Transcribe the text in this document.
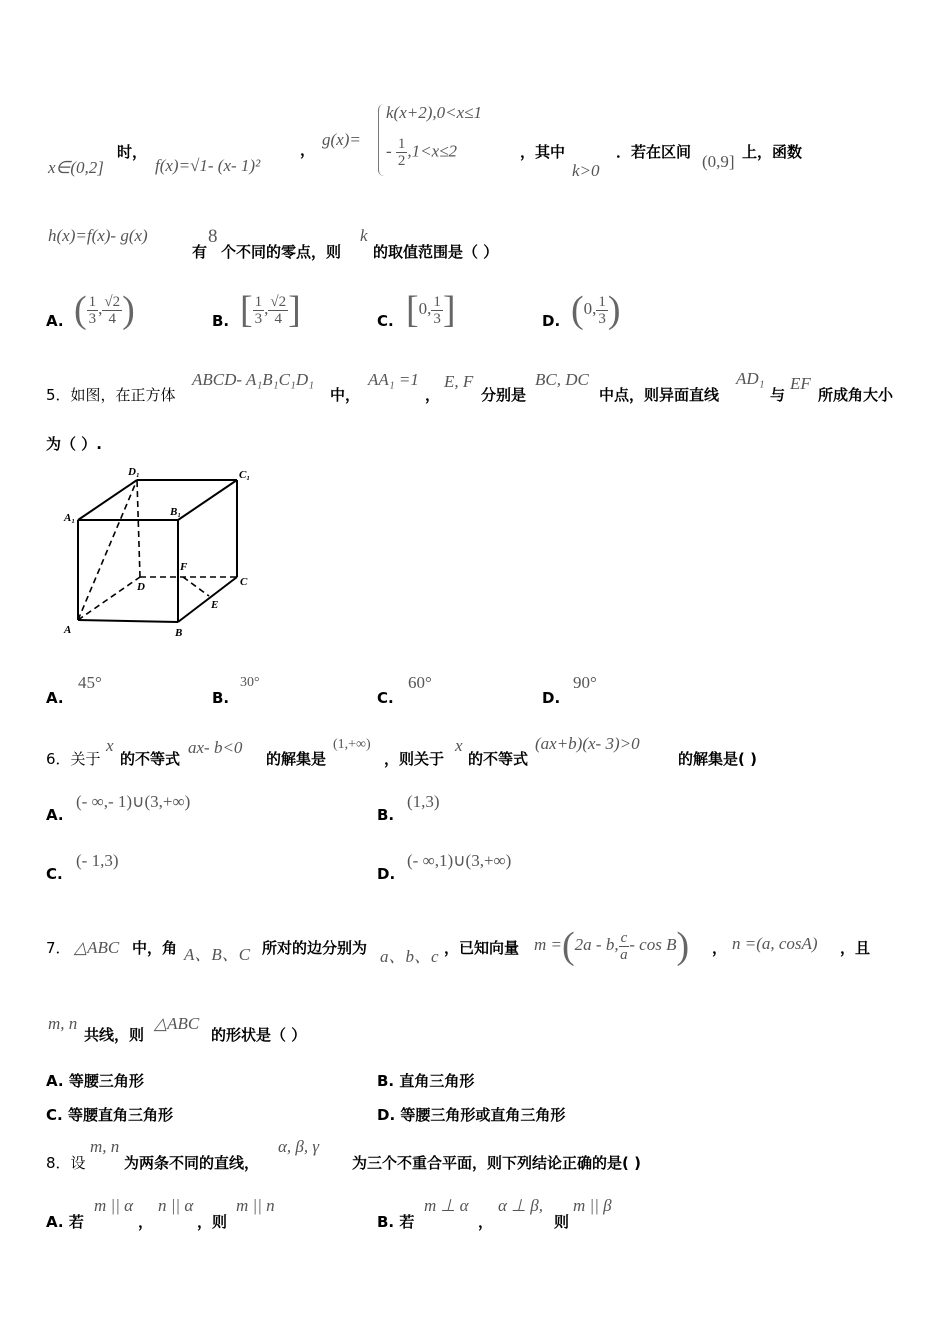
x∈(0,2]
时，
f(x)=√1- (x- 1)²
，
g(x)=
k(x+2),0<x≤1
- $\frac{1}{2} ,1<x\le 2$	，其中
k>0
．若在区间 (0,9] 上，函数
h(x)=f(x)- g(x)
有
8
个不同的零点，则
k
的取值范围是（ ）
A. ( $\frac{1}{3}$ , $\frac{√2}{4}$ )	B. [ $\frac{1}{3}$ , $\frac{√2}{4}$ ]	C. [0, $\frac{1}{3}$ ]	D. (0, $\frac{1}{3}$ )
5．如图，在正方体
ABCD- A₁B₁C₁D₁
中，
AA₁ =1
，
E, F
分别是
BC, DC
中点，则异面直线
AD₁
与
EF
所成角大小
为（ ）.
A	B
C
D
A₁	B₁
C₁
D₁
E
F
A.
45°
B.
30°
C.
60°
D.
90°
6．关于
x
的不等式
ax- b<0
的解集是
(1,+∞)
，则关于
x
的不等式
(ax+b)(x- 3)>0
的解集是( )
A.
(- ∞,- 1)∪(3,+∞)
B.
(1,3)
C.
(- 1,3)
D.
(- ∞,1)∪(3,+∞)
7． △ABC 中，角 A、B、C 所对的边分别为 a、b、c ，已知向量 m =(2a - b, $\frac{c}{a}$ - cos B) ， n =(a, cosA) ，且
m, n
共线，则
△ABC
的形状是（ ）
A. 等腰三角形	B. 直角三角形
C. 等腰直角三角形	D. 等腰三角形或直角三角形
8．设
m, n
为两条不同的直线，
α, β, γ
为三个不重合平面，则下列结论正确的是( )
A. 若
m || α
，
n || α
，则
m || n
B. 若
m ⊥ α
，
α ⊥ β,
则
m || β
